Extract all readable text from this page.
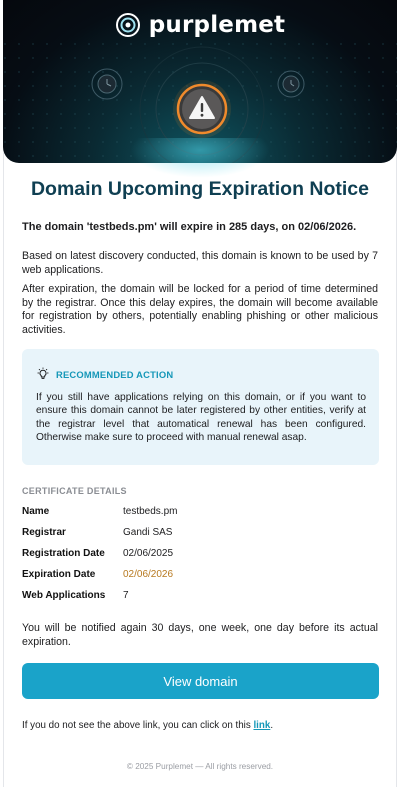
purplemet
Domain Upcoming Expiration Notice
The domain 'testbeds.pm' will expire in 285 days, on 02/06/2026.
Based on latest discovery conducted, this domain is known to be used by 7 web applications.
After expiration, the domain will be locked for a period of time determined by the registrar. Once this delay expires, the domain will become available for registration by others, potentially enabling phishing or other malicious activities.
RECOMMENDED ACTION
If you still have applications relying on this domain, or if you want to ensure this domain cannot be later registered by other entities, verify at the registrar level that automatical renewal has been configured. Otherwise make sure to proceed with manual renewal asap.
CERTIFICATE DETAILS
Name	testbeds.pm
Registrar	Gandi SAS
Registration Date 02/06/2025
Expiration Date	02/06/2026
Web Applications 7
You will be notified again 30 days, one week, one day before its actual expiration.
View domain
If you do not see the above link, you can click on this link.
© 2025 Purplemet — All rights reserved.
